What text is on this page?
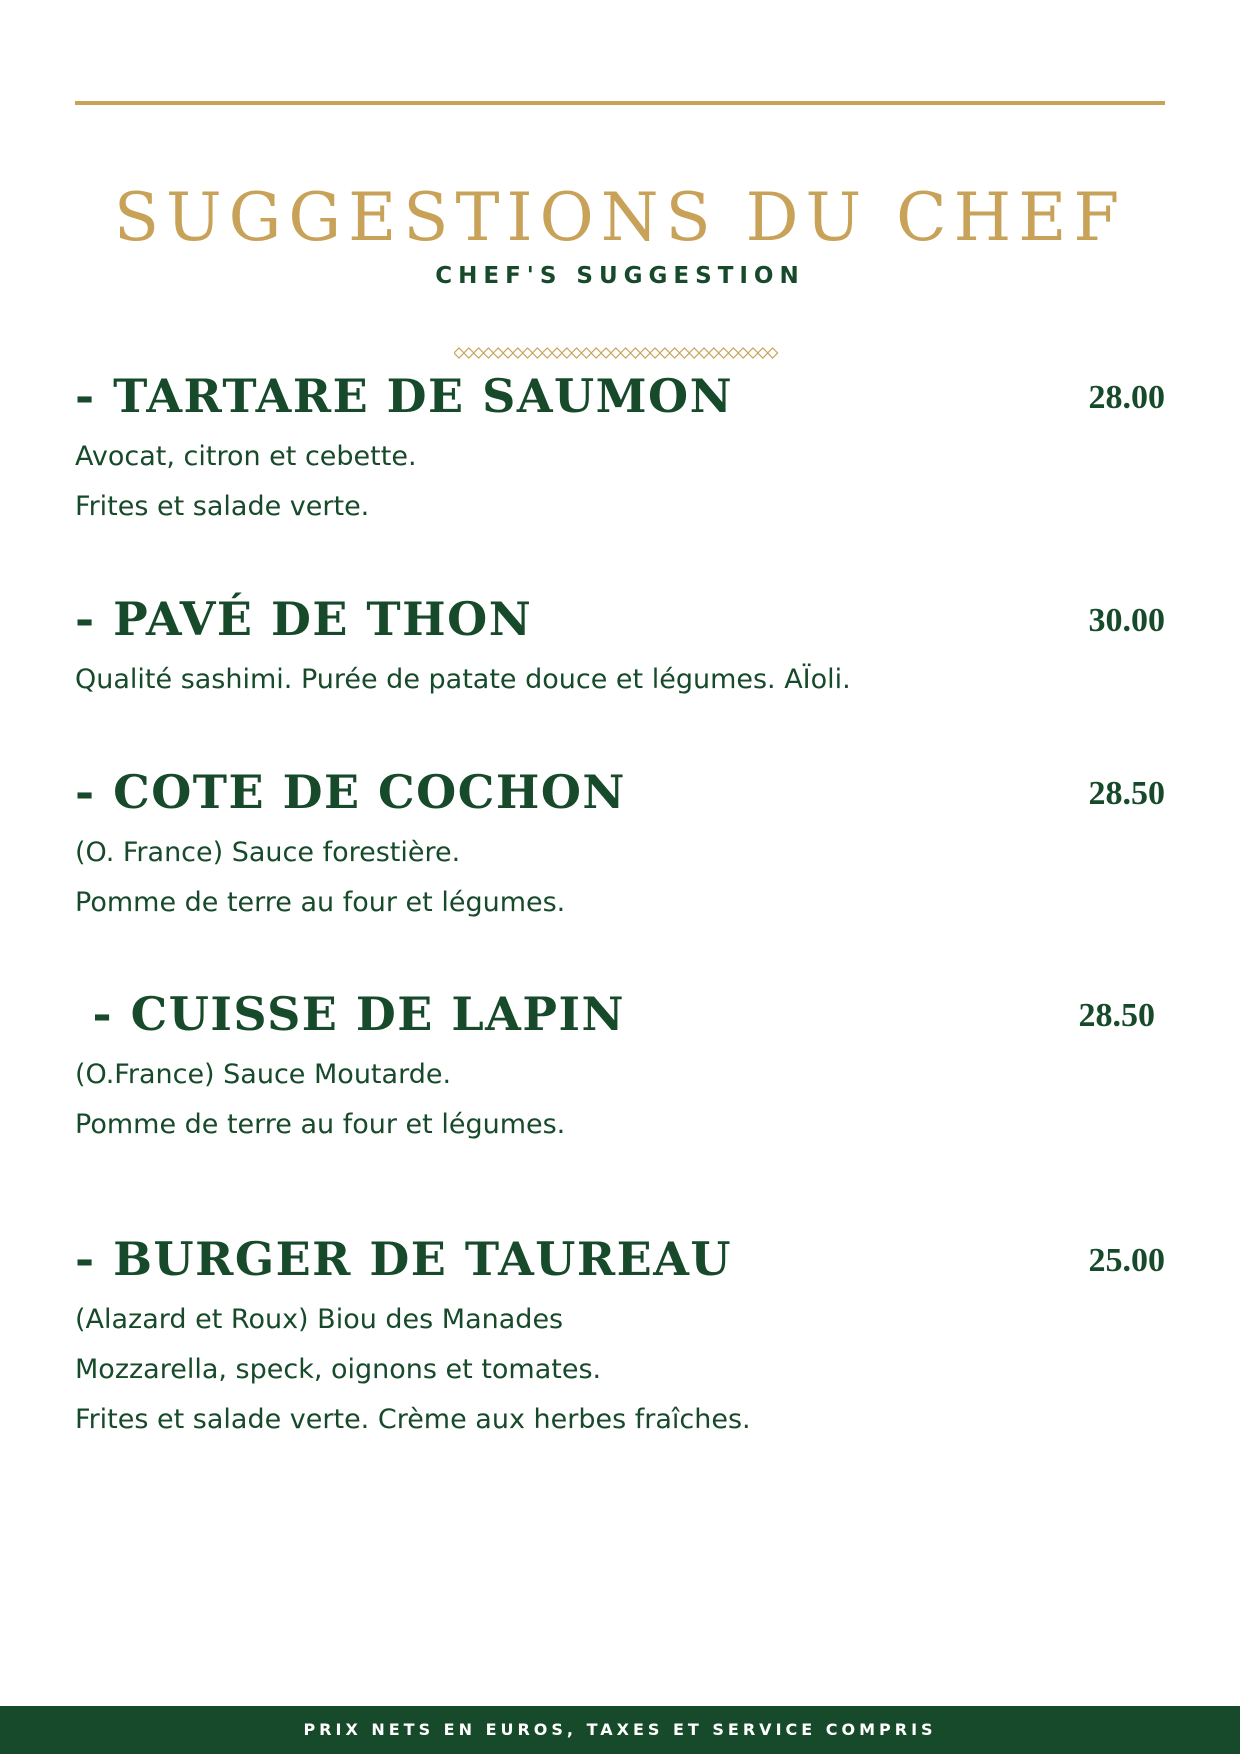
SUGGESTIONS DU CHEF
CHEF'S SUGGESTION
- TARTARE DE SAUMON	28.00
Avocat, citron et cebette.
Frites et salade verte.
- PAVÉ DE THON	30.00
Qualité sashimi. Purée de patate douce et légumes. AÏoli.
- COTE DE COCHON	28.50
(O. France) Sauce forestière.
Pomme de terre au four et légumes.
- CUISSE DE LAPIN	28.50
(O.France) Sauce Moutarde.
Pomme de terre au four et légumes.
- BURGER DE TAUREAU	25.00
(Alazard et Roux) Biou des Manades
Mozzarella, speck, oignons et tomates.
Frites et salade verte. Crème aux herbes fraîches.
PRIX NETS EN EUROS, TAXES ET SERVICE COMPRIS
